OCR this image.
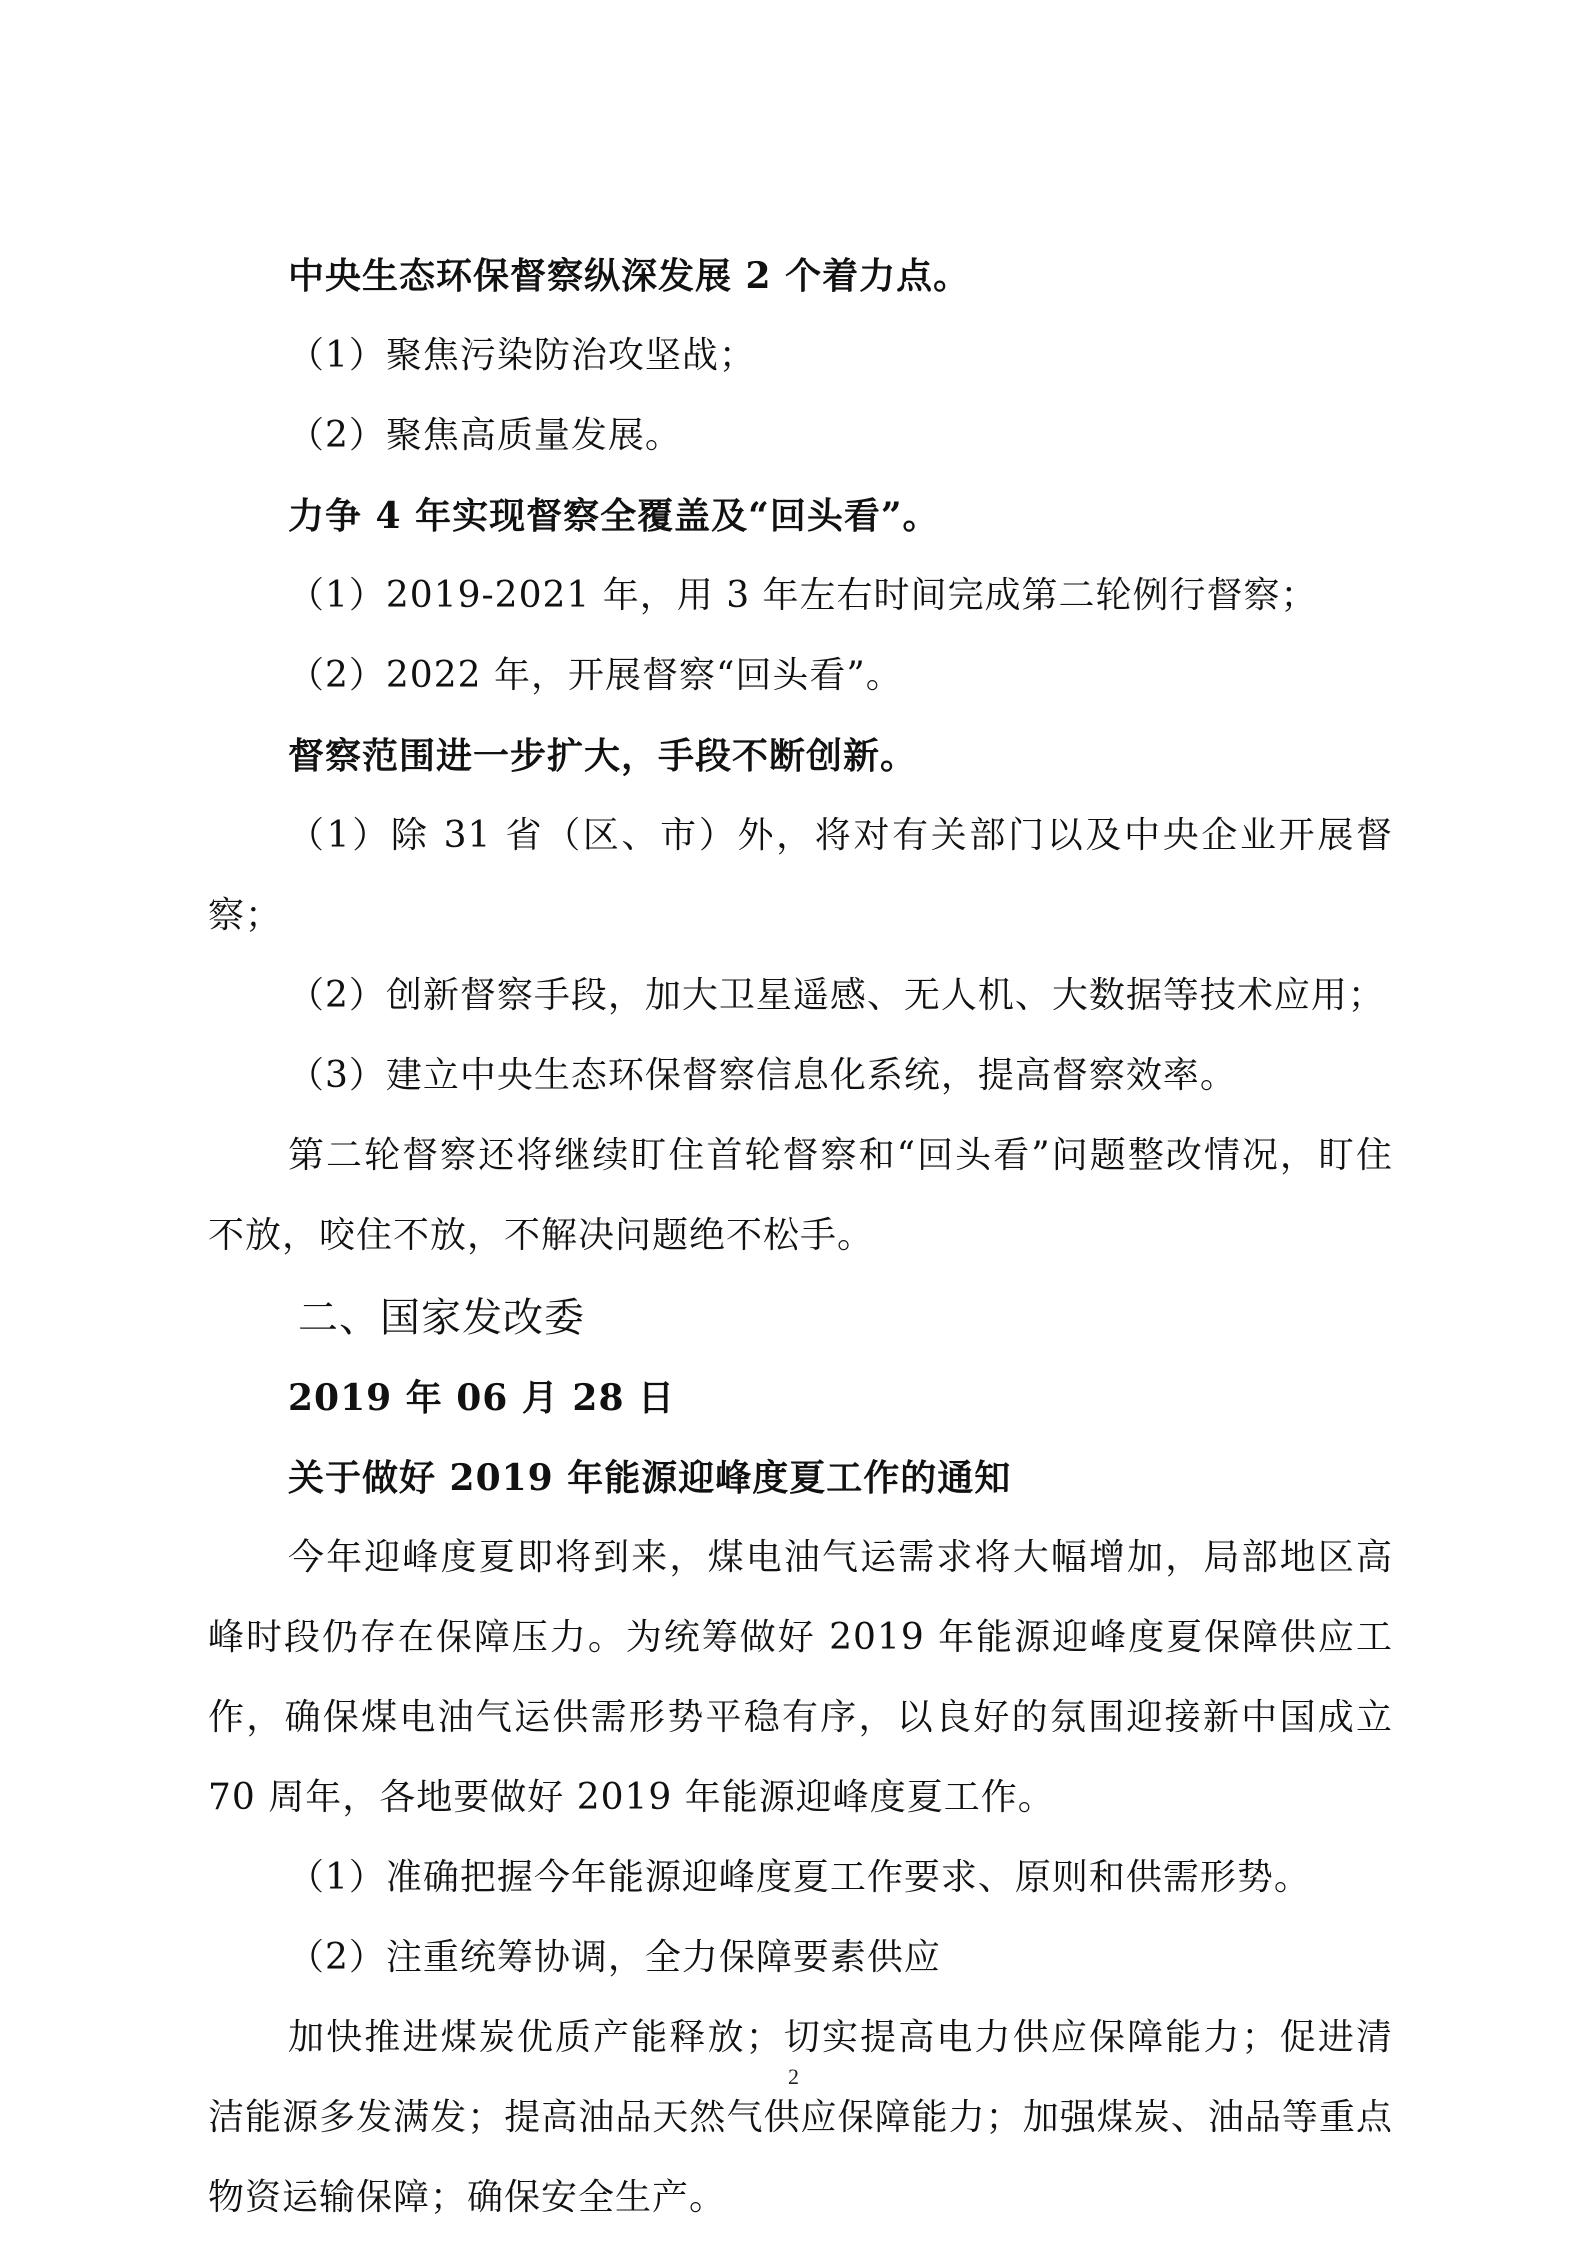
中央生态环保督察纵深发展 2 个着力点。

（1）聚焦污染防治攻坚战；

（2）聚焦高质量发展。

力争 4 年实现督察全覆盖及“回头看”。

（1）2019-2021 年，用 3 年左右时间完成第二轮例行督察；

（2）2022 年，开展督察“回头看”。

督察范围进一步扩大，手段不断创新。

（1）除 31 省（区、市）外，将对有关部门以及中央企业开展督察；

（2）创新督察手段，加大卫星遥感、无人机、大数据等技术应用；

（3）建立中央生态环保督察信息化系统，提高督察效率。

第二轮督察还将继续盯住首轮督察和“回头看”问题整改情况，盯住不放，咬住不放，不解决问题绝不松手。

二、国家发改委

2019 年 06 月 28 日

关于做好 2019 年能源迎峰度夏工作的通知

今年迎峰度夏即将到来，煤电油气运需求将大幅增加，局部地区高峰时段仍存在保障压力。为统筹做好 2019 年能源迎峰度夏保障供应工作，确保煤电油气运供需形势平稳有序，以良好的氛围迎接新中国成立 70 周年，各地要做好 2019 年能源迎峰度夏工作。

（1）准确把握今年能源迎峰度夏工作要求、原则和供需形势。

（2）注重统筹协调，全力保障要素供应

加快推进煤炭优质产能释放；切实提高电力供应保障能力；促进清洁能源多发满发；提高油品天然气供应保障能力；加强煤炭、油品等重点物资运输保障；确保安全生产。

2
